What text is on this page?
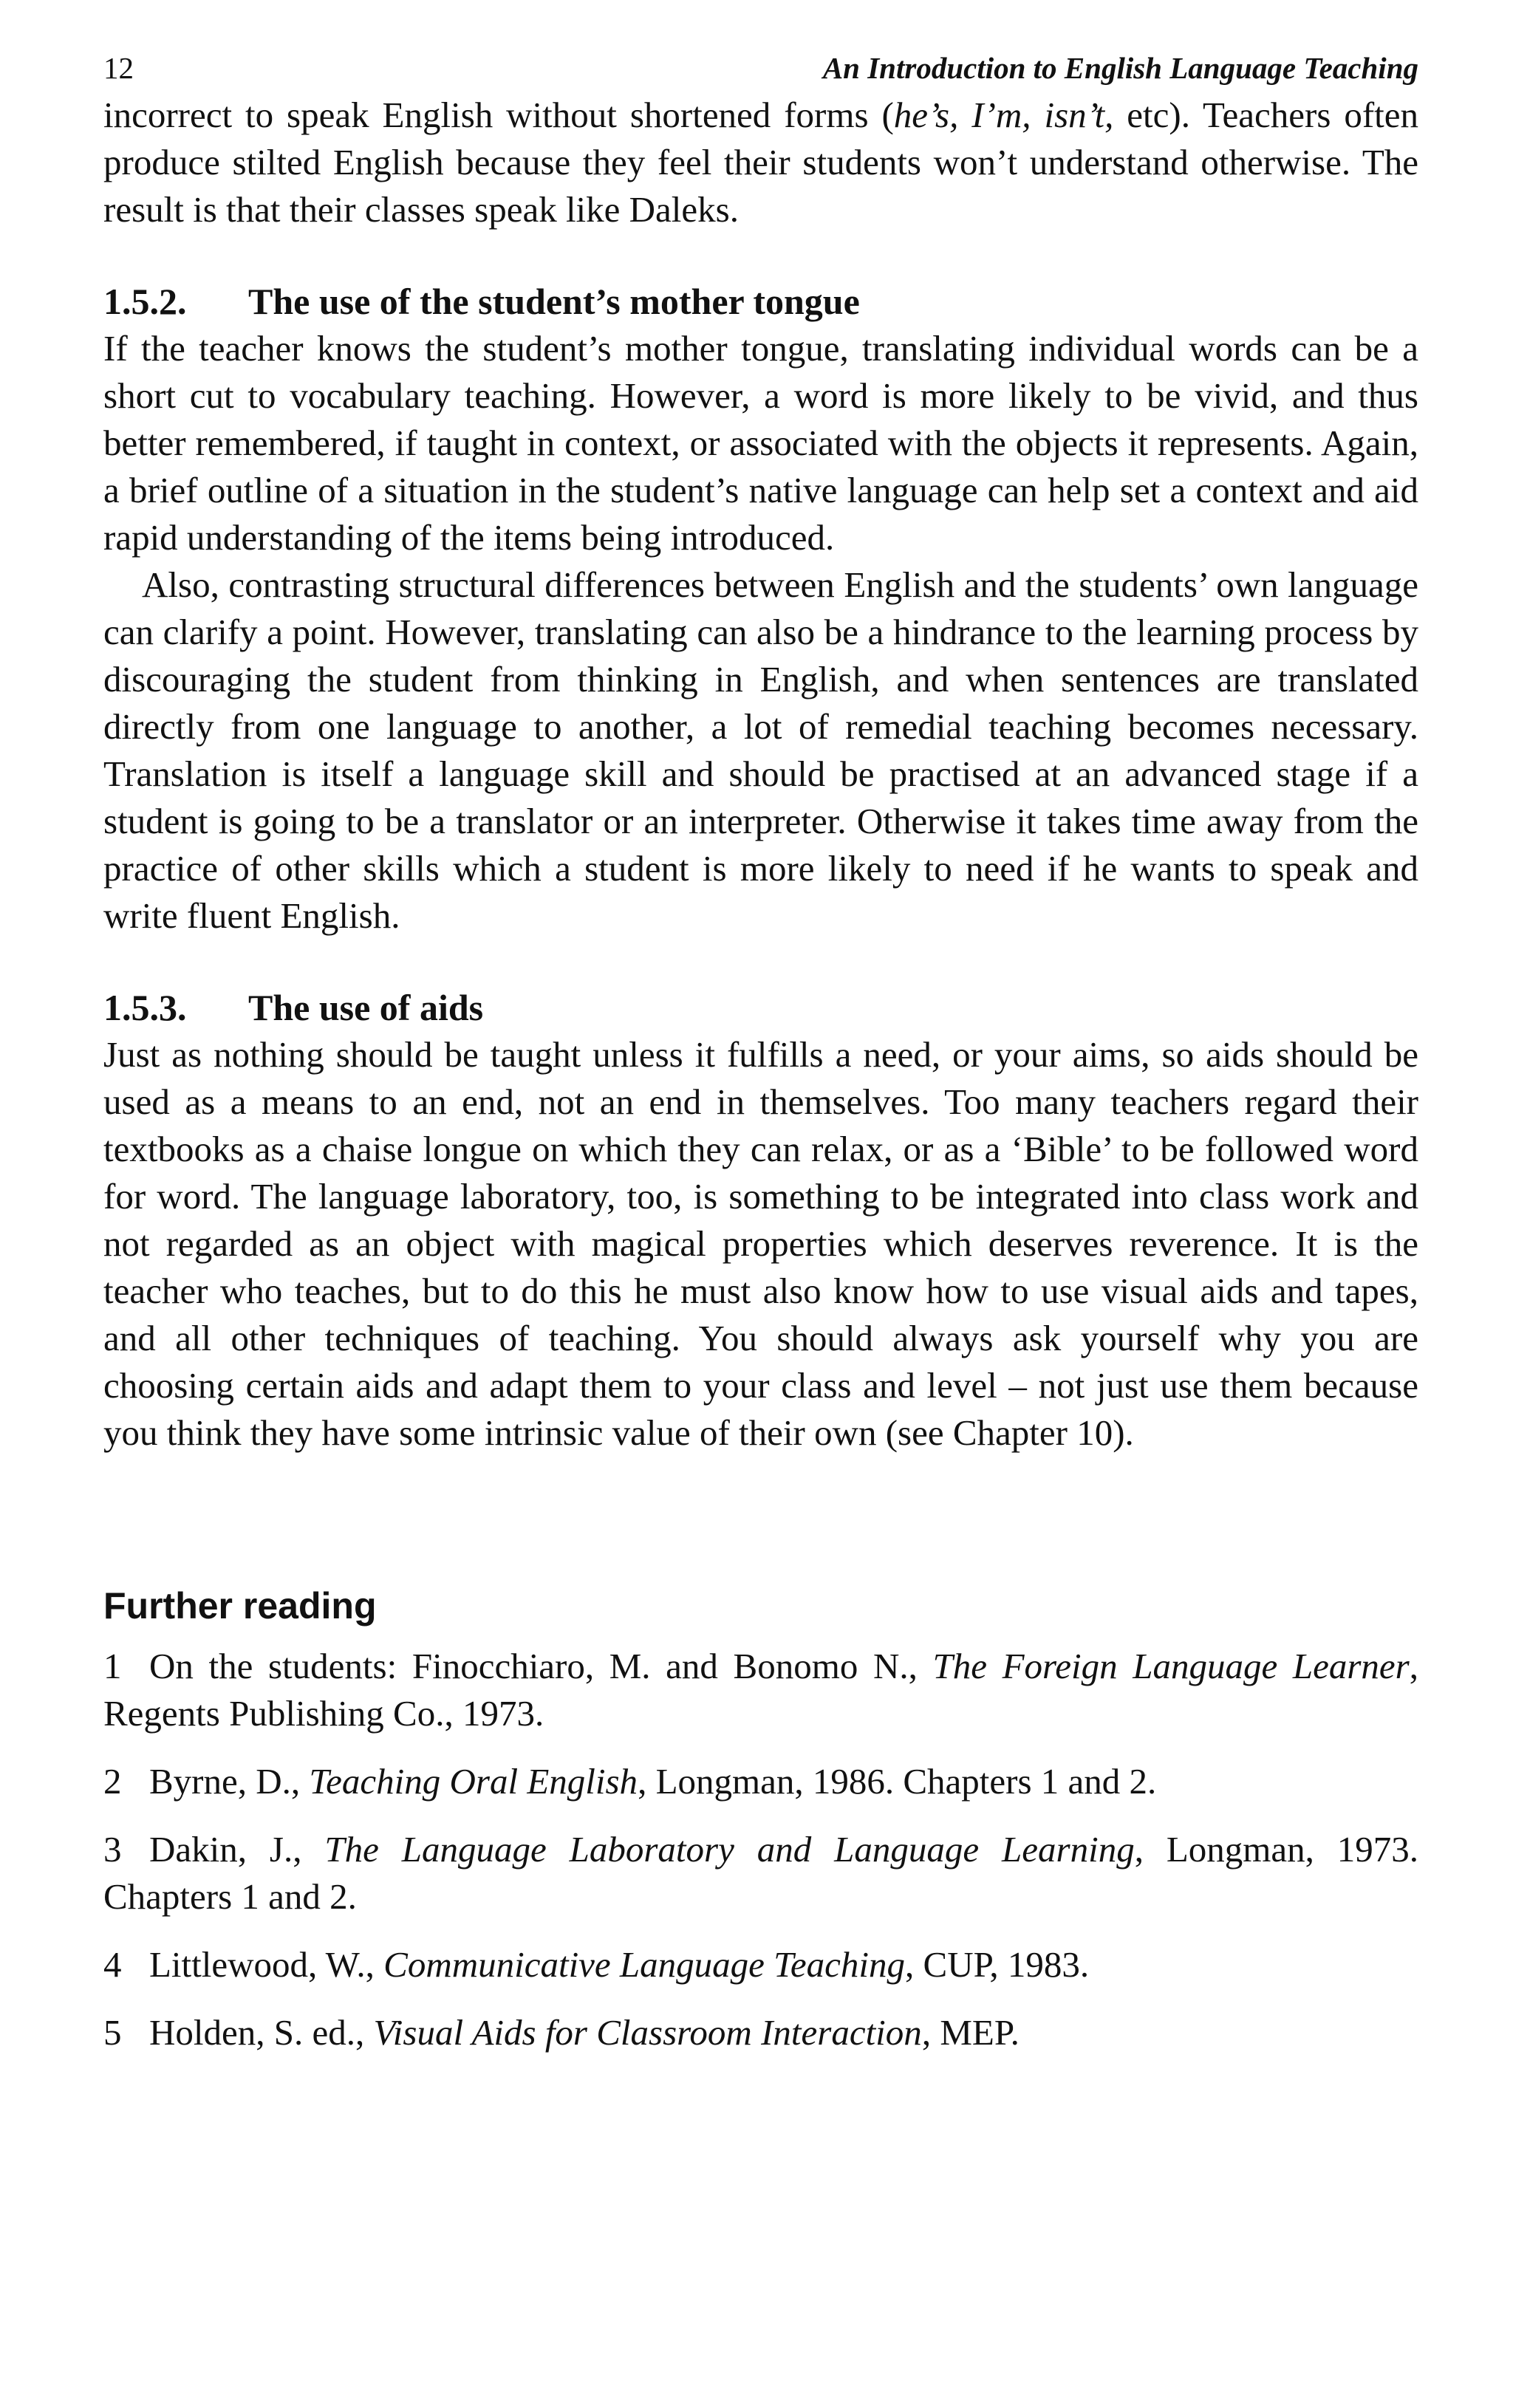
12	An Introduction to English Language Teaching

incorrect to speak English without shortened forms (he’s, I’m, isn’t, etc). Teachers often produce stilted English because they feel their students won’t understand otherwise. The result is that their classes speak like Daleks.

1.5.2. The use of the student’s mother tongue

If the teacher knows the student’s mother tongue, translating individual words can be a short cut to vocabulary teaching. However, a word is more likely to be vivid, and thus better remembered, if taught in context, or associated with the objects it represents. Again, a brief outline of a situation in the student’s native language can help set a context and aid rapid understanding of the items being introduced.

Also, contrasting structural differences between English and the students’ own language can clarify a point. However, translating can also be a hindrance to the learning process by discouraging the student from thinking in English, and when sentences are translated directly from one language to another, a lot of remedial teaching becomes necessary. Translation is itself a language skill and should be practised at an advanced stage if a student is going to be a translator or an interpreter. Otherwise it takes time away from the practice of other skills which a student is more likely to need if he wants to speak and write fluent English.

1.5.3. The use of aids

Just as nothing should be taught unless it fulfills a need, or your aims, so aids should be used as a means to an end, not an end in themselves. Too many teachers regard their textbooks as a chaise longue on which they can relax, or as a ‘Bible’ to be followed word for word. The language laboratory, too, is something to be integrated into class work and not regarded as an object with magical properties which deserves reverence. It is the teacher who teaches, but to do this he must also know how to use visual aids and tapes, and all other techniques of teaching. You should always ask yourself why you are choosing certain aids and adapt them to your class and level – not just use them because you think they have some intrinsic value of their own (see Chapter 10).

Further reading

1 On the students: Finocchiaro, M. and Bonomo N., The Foreign Language Learner, Regents Publishing Co., 1973.

2 Byrne, D., Teaching Oral English, Longman, 1986. Chapters 1 and 2.

3 Dakin, J., The Language Laboratory and Language Learning, Longman, 1973. Chapters 1 and 2.

4 Littlewood, W., Communicative Language Teaching, CUP, 1983.

5 Holden, S. ed., Visual Aids for Classroom Interaction, MEP.
